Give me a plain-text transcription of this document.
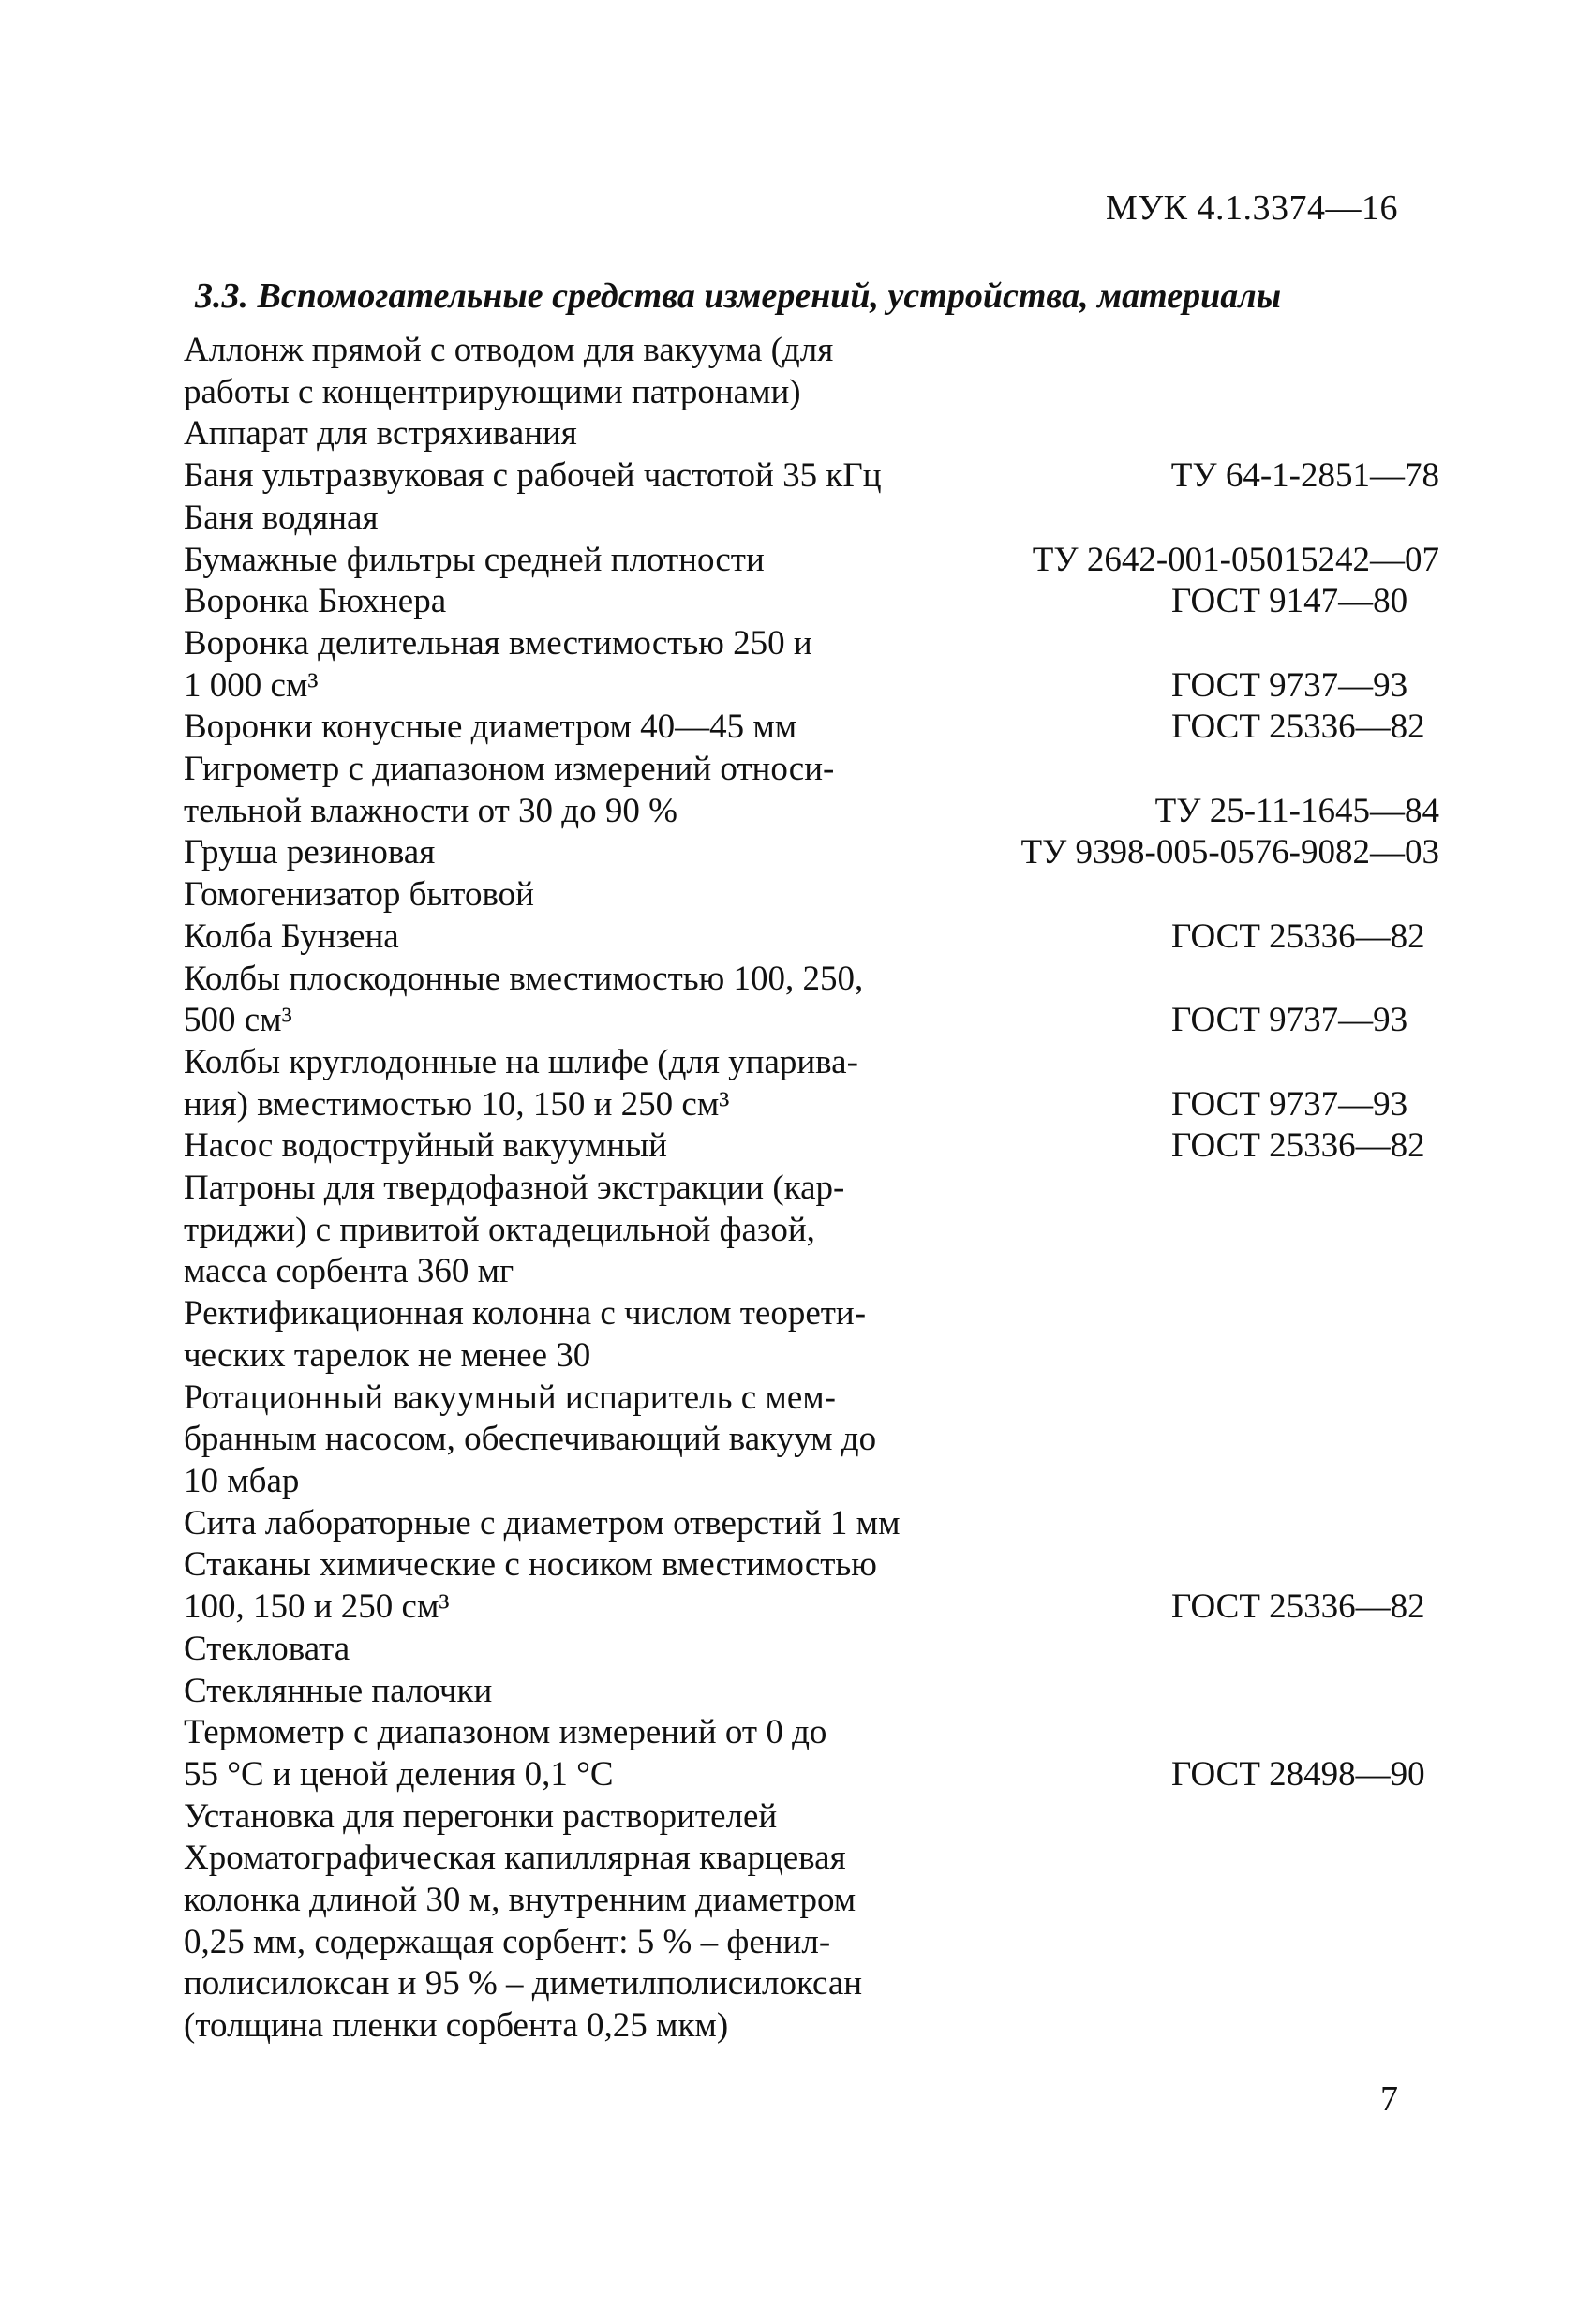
МУК 4.1.3374—16
3.3. Вспомогательные средства измерений, устройства, материалы
Аллонж прямой с отводом для вакуума (для
работы с концентрирующими патронами)
Аппарат для встряхивания
Баня ультразвуковая с рабочей частотой 35 кГц	ТУ 64-1-2851—78
Баня водяная
Бумажные фильтры средней плотности	ТУ 2642-001-05015242—07
Воронка Бюхнера	ГОСТ 9147—80
Воронка делительная вместимостью 250 и
1 000 см³	ГОСТ 9737—93
Воронки конусные диаметром 40—45 мм	ГОСТ 25336—82
Гигрометр с диапазоном измерений относи-
тельной влажности от 30 до 90 %	ТУ 25-11-1645—84
Груша резиновая	ТУ 9398-005-0576-9082—03
Гомогенизатор бытовой
Колба Бунзена	ГОСТ 25336—82
Колбы плоскодонные вместимостью 100, 250,
500 см³	ГОСТ 9737—93
Колбы круглодонные на шлифе (для упарива-
ния) вместимостью 10, 150 и 250 см³	ГОСТ 9737—93
Насос водоструйный вакуумный	ГОСТ 25336—82
Патроны для твердофазной экстракции (кар-
триджи) с привитой октадецильной фазой,
масса сорбента 360 мг
Ректификационная колонна с числом теорети-
ческих тарелок не менее 30
Ротационный вакуумный испаритель с мем-
бранным насосом, обеспечивающий вакуум до
10 мбар
Сита лабораторные с диаметром отверстий 1 мм
Стаканы химические с носиком вместимостью
100, 150 и 250 см³	ГОСТ 25336—82
Стекловата
Стеклянные палочки
Термометр с диапазоном измерений от 0 до
55 °С и ценой деления 0,1 °С	ГОСТ 28498—90
Установка для перегонки растворителей
Хроматографическая капиллярная кварцевая
колонка длиной 30 м, внутренним диаметром
0,25 мм, содержащая сорбент: 5 % – фенил-
полисилоксан и 95 % – диметилполисилоксан
(толщина пленки сорбента 0,25 мкм)
7
